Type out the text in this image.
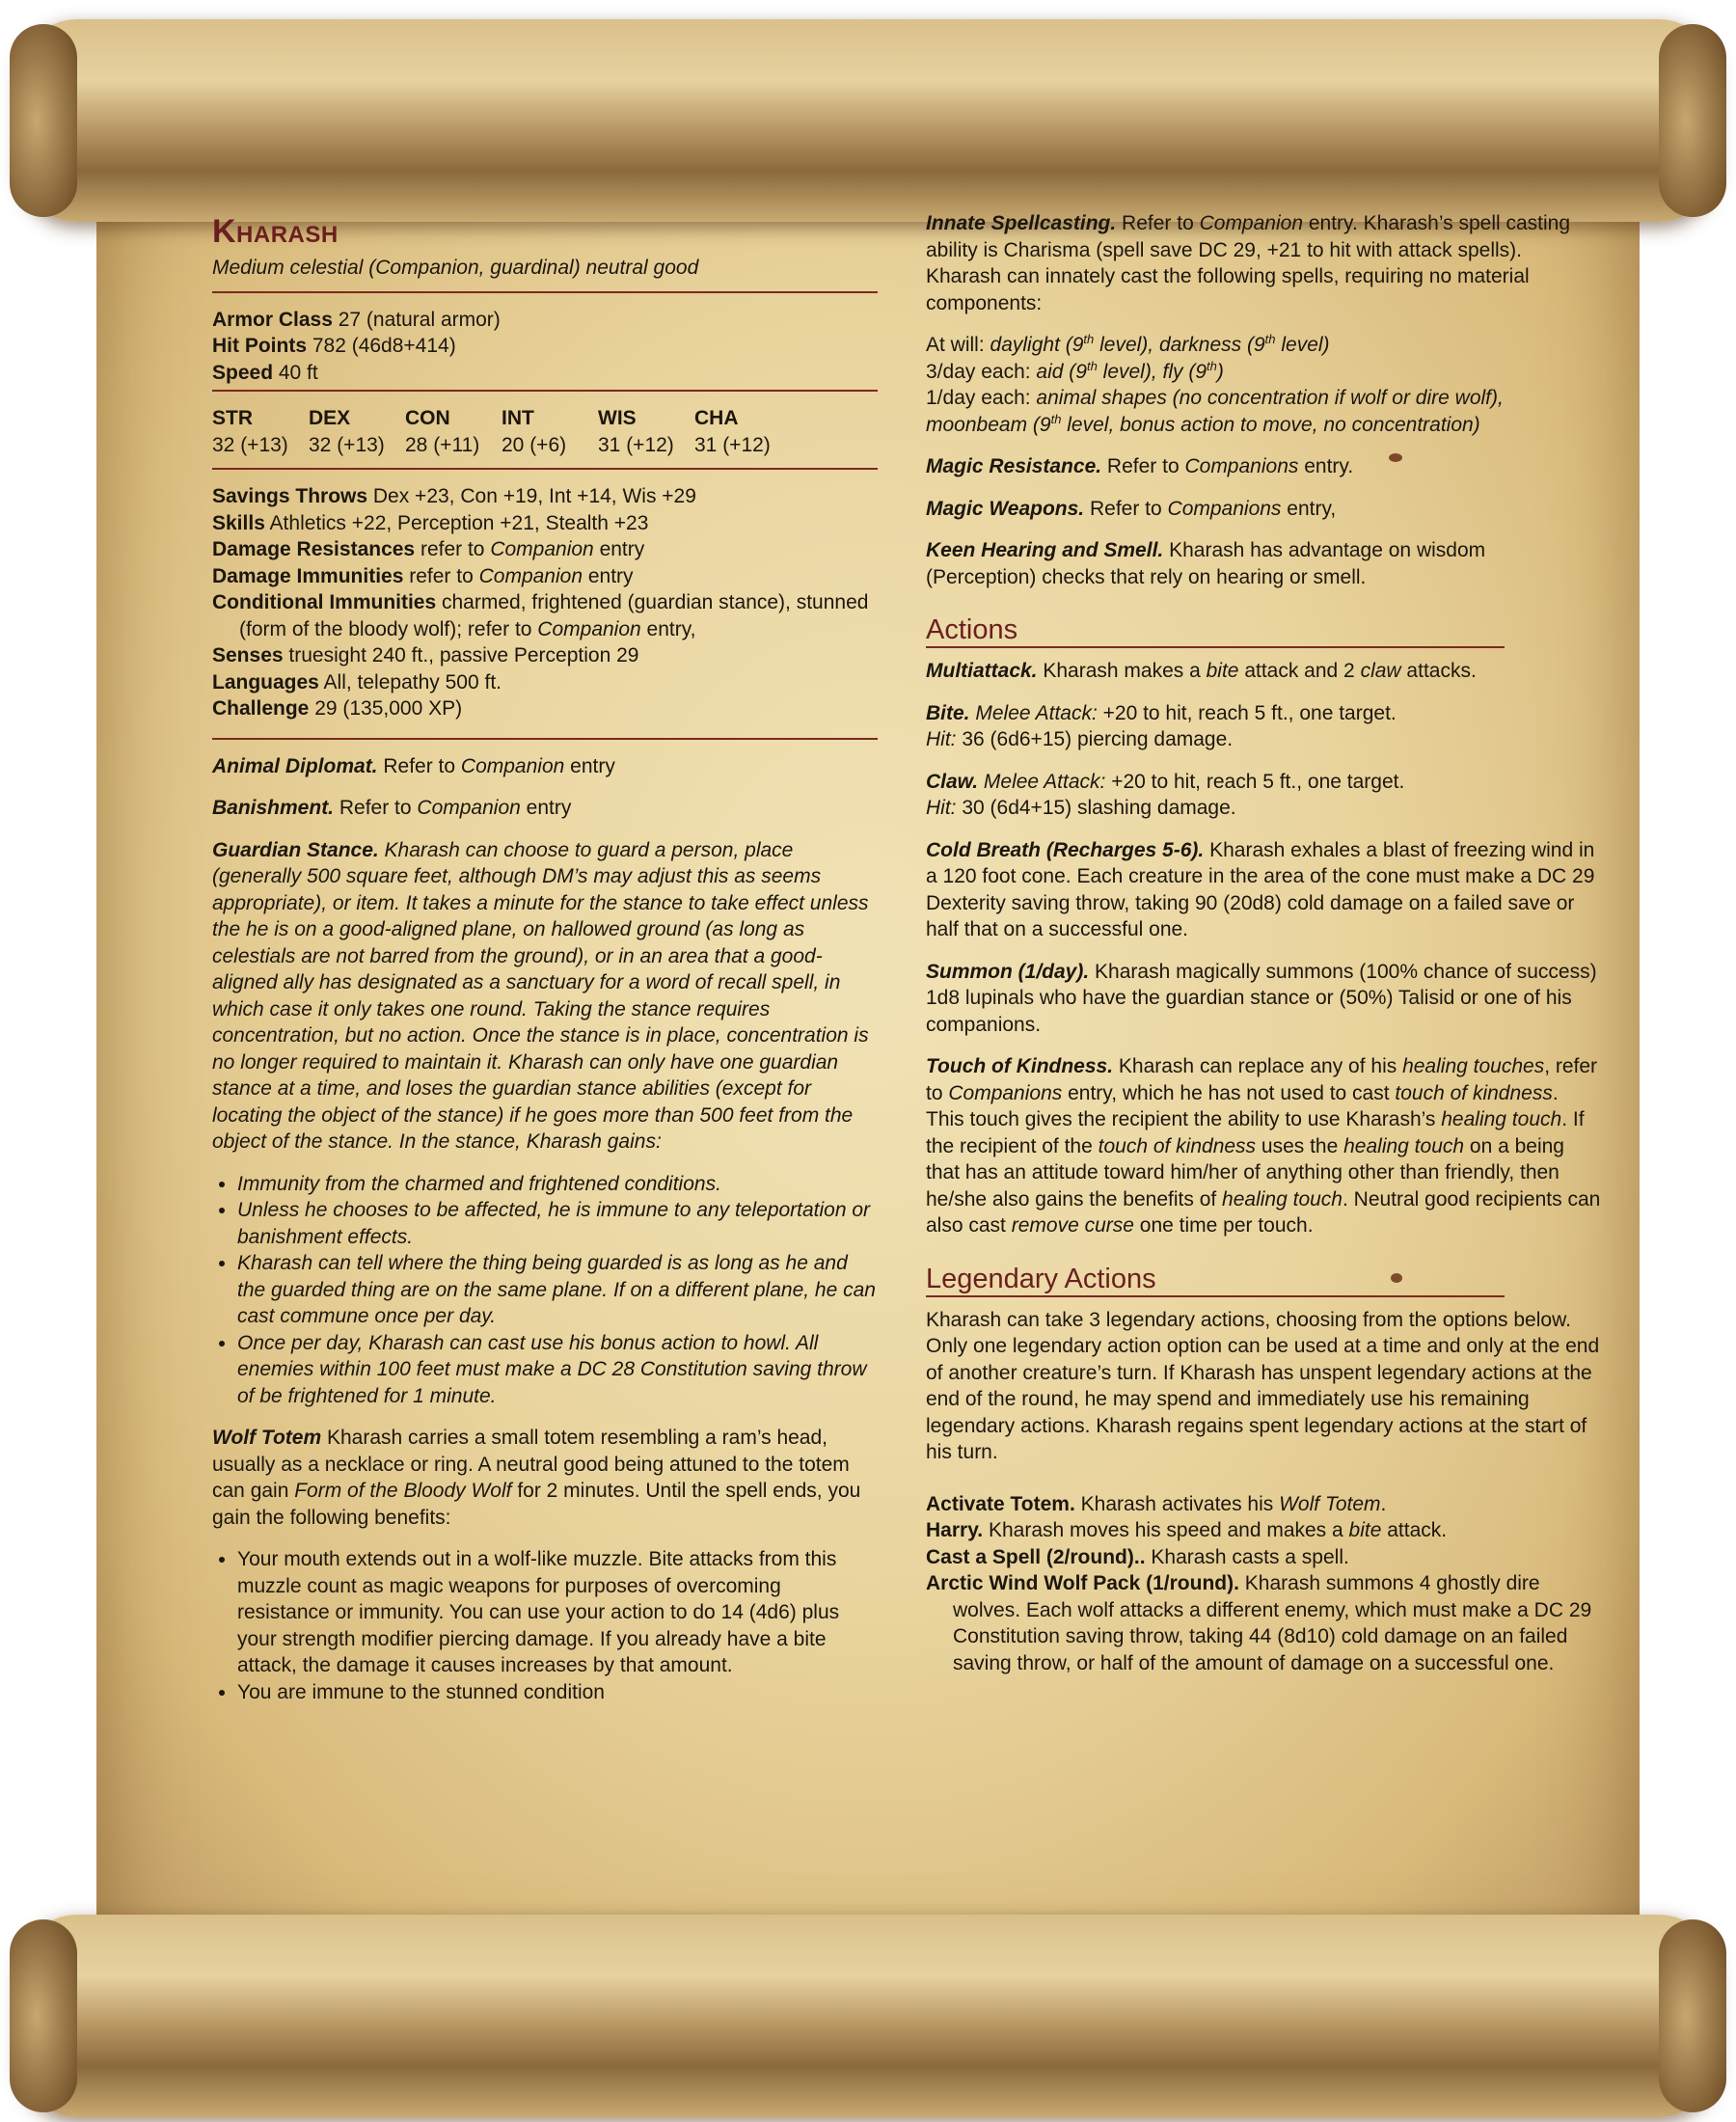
Kharash
Medium celestial (Companion, guardinal) neutral good
Armor Class 27 (natural armor)
Hit Points 782 (46d8+414)
Speed 40 ft
STR	DEX	CON	INT	WIS	CHA
32 (+13)	32 (+13)	28 (+11)	20 (+6)	31 (+12)	31 (+12)
Savings Throws Dex +23, Con +19, Int +14, Wis +29
Skills Athletics +22, Perception +21, Stealth +23
Damage Resistances refer to Companion entry
Damage Immunities refer to Companion entry
Conditional Immunities charmed, frightened (guardian stance), stunned (form of the bloody wolf); refer to Companion entry,
Senses truesight 240 ft., passive Perception 29
Languages All, telepathy 500 ft.
Challenge 29 (135,000 XP)

Animal Diplomat. Refer to Companion entry

Banishment. Refer to Companion entry

Guardian Stance. Kharash can choose to guard a person, place (generally 500 square feet, although DM’s may adjust this as seems appropriate), or item. It takes a minute for the stance to take effect unless the he is on a good-aligned plane, on hallowed ground (as long as celestials are not barred from the ground), or in an area that a good-aligned ally has designated as a sanctuary for a word of recall spell, in which case it only takes one round. Taking the stance requires concentration, but no action. Once the stance is in place, concentration is no longer required to maintain it. Kharash can only have one guardian stance at a time, and loses the guardian stance abilities (except for locating the object of the stance) if he goes more than 500 feet from the object of the stance. In the stance, Kharash gains:

• Immunity from the charmed and frightened conditions.
• Unless he chooses to be affected, he is immune to any teleportation or banishment effects.
• Kharash can tell where the thing being guarded is as long as he and the guarded thing are on the same plane. If on a different plane, he can cast commune once per day.
• Once per day, Kharash can cast use his bonus action to howl. All enemies within 100 feet must make a DC 28 Constitution saving throw of be frightened for 1 minute.

Wolf Totem Kharash carries a small totem resembling a ram’s head, usually as a necklace or ring. A neutral good being attuned to the totem can gain Form of the Bloody Wolf for 2 minutes. Until the spell ends, you gain the following benefits:

• Your mouth extends out in a wolf-like muzzle. Bite attacks from this muzzle count as magic weapons for purposes of overcoming resistance or immunity. You can use your action to do 14 (4d6) plus your strength modifier piercing damage. If you already have a bite attack, the damage it causes increases by that amount.
• You are immune to the stunned condition

Innate Spellcasting. Refer to Companion entry. Kharash’s spell casting ability is Charisma (spell save DC 29, +21 to hit with attack spells). Kharash can innately cast the following spells, requiring no material components:

At will: daylight (9th level), darkness (9th level)
3/day each: aid (9th level), fly (9th)
1/day each: animal shapes (no concentration if wolf or dire wolf), moonbeam (9th level, bonus action to move, no concentration)

Magic Resistance. Refer to Companions entry.

Magic Weapons. Refer to Companions entry,

Keen Hearing and Smell. Kharash has advantage on wisdom (Perception) checks that rely on hearing or smell.

Actions

Multiattack. Kharash makes a bite attack and 2 claw attacks.

Bite. Melee Attack: +20 to hit, reach 5 ft., one target.
Hit: 36 (6d6+15) piercing damage.

Claw. Melee Attack: +20 to hit, reach 5 ft., one target.
Hit: 30 (6d4+15) slashing damage.

Cold Breath (Recharges 5-6). Kharash exhales a blast of freezing wind in a 120 foot cone. Each creature in the area of the cone must make a DC 29 Dexterity saving throw, taking 90 (20d8) cold damage on a failed save or half that on a successful one.

Summon (1/day). Kharash magically summons (100% chance of success) 1d8 lupinals who have the guardian stance or (50%) Talisid or one of his companions.

Touch of Kindness. Kharash can replace any of his healing touches, refer to Companions entry, which he has not used to cast touch of kindness. This touch gives the recipient the ability to use Kharash’s healing touch. If the recipient of the touch of kindness uses the healing touch on a being that has an attitude toward him/her of anything other than friendly, then he/she also gains the benefits of healing touch. Neutral good recipients can also cast remove curse one time per touch.

Legendary Actions

Kharash can take 3 legendary actions, choosing from the options below. Only one legendary action option can be used at a time and only at the end of another creature’s turn. If Kharash has unspent legendary actions at the end of the round, he may spend and immediately use his remaining legendary actions. Kharash regains spent legendary actions at the start of his turn.

Activate Totem. Kharash activates his Wolf Totem.
Harry. Kharash moves his speed and makes a bite attack.
Cast a Spell (2/round).. Kharash casts a spell.
Arctic Wind Wolf Pack (1/round). Kharash summons 4 ghostly dire wolves. Each wolf attacks a different enemy, which must make a DC 29 Constitution saving throw, taking 44 (8d10) cold damage on an failed saving throw, or half of the amount of damage on a successful one.
